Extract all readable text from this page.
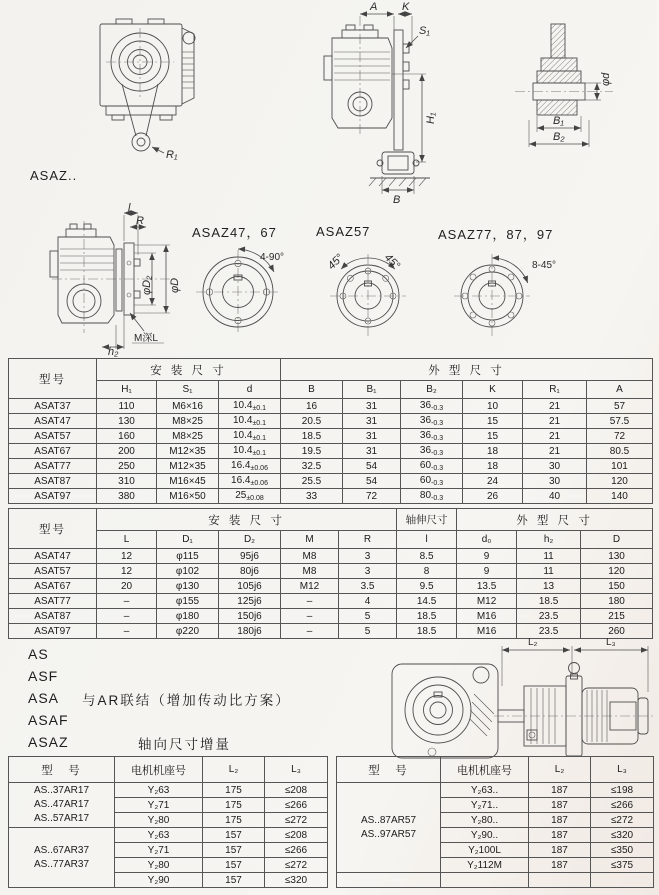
R₁
ASAZ..
A K
S₁
H₁
B
φd
B₁
B₂
l
R
φD₂ φD
M深L
h₂
ASAZ47，67
4-90°
ASAZ57
45°	45°
ASAZ77，87，97
8-45°
型号	安 装 尺 寸			外 型 尺 寸					
	H₁	S₁	d	B	B₁	B₂	K	R₁	A
ASAT37	110	M6×16	$10.4_{\pm 0.1}$	16	31	$36_{-0.3}$	10	21	57
ASAT47	130	M8×25	$10.4_{\pm 0.1}$	20.5	31	$36_{-0.3}$	15	21	57.5
ASAT57	160	M8×25	$10.4_{\pm 0.1}$	18.5	31	$36_{-0.3}$	15	21	72
ASAT67	200	M12×35	$10.4_{\pm 0.1}$	19.5	31	$36_{-0.3}$	18	21	80.5
ASAT77	250	M12×35	$16.4_{\pm 0.06}$	32.5	54	$60_{-0.3}$	18	30	101
ASAT87	310	M16×45	$16.4_{\pm 0.06}$	25.5	54	$60_{-0.3}$	24	30	120
ASAT97	380	M16×50	$25_{\pm 0.08}$	33	72	$80_{-0.3}$	26	40	140
型号	安 装 尺 寸					轴伸尺寸	外 型 尺 寸		
	L	D₁	D₂	M	R	l	d₀	h₂	D
ASAT47	12	φ115	95j6	M8	3	8.5	9	11	130
ASAT57	12	φ102	80j6	M8	3	8	9	11	120
ASAT67	20	φ130	105j6	M12	3.5	9.5	13.5	13	150
ASAT77	–	φ155	125j6	–	4	14.5	M12	18.5	180
ASAT87	–	φ180	150j6	–	5	18.5	M16	23.5	215
ASAT97	–	φ220	180j6	–	5	18.5	M16	23.5	260
AS
ASF
ASA
ASAF
ASAZ
与AR联结（增加传动比方案）
轴向尺寸增量
L₂	L₃
型　号	电机机座号	L₂	L₃

AS..37AR17
AS..47AR17
AS..57AR17	Y₂63	175	≤208
	Y₂71	175	≤266
	Y₂80	175	≤272

AS..67AR37
AS..77AR37	Y₂63	157	≤208
	Y₂71	157	≤266
	Y₂80	157	≤272
	Y₂90	157	≤320
型　号	电机机座号	L₂	L₃

AS..87AR57
AS..97AR57	Y₂63..	187	≤198
	Y₂71..	187	≤266
	Y₂80..	187	≤272
	Y₂90..	187	≤320
	Y₂100L	187	≤350
	Y₂112M	187	≤375
